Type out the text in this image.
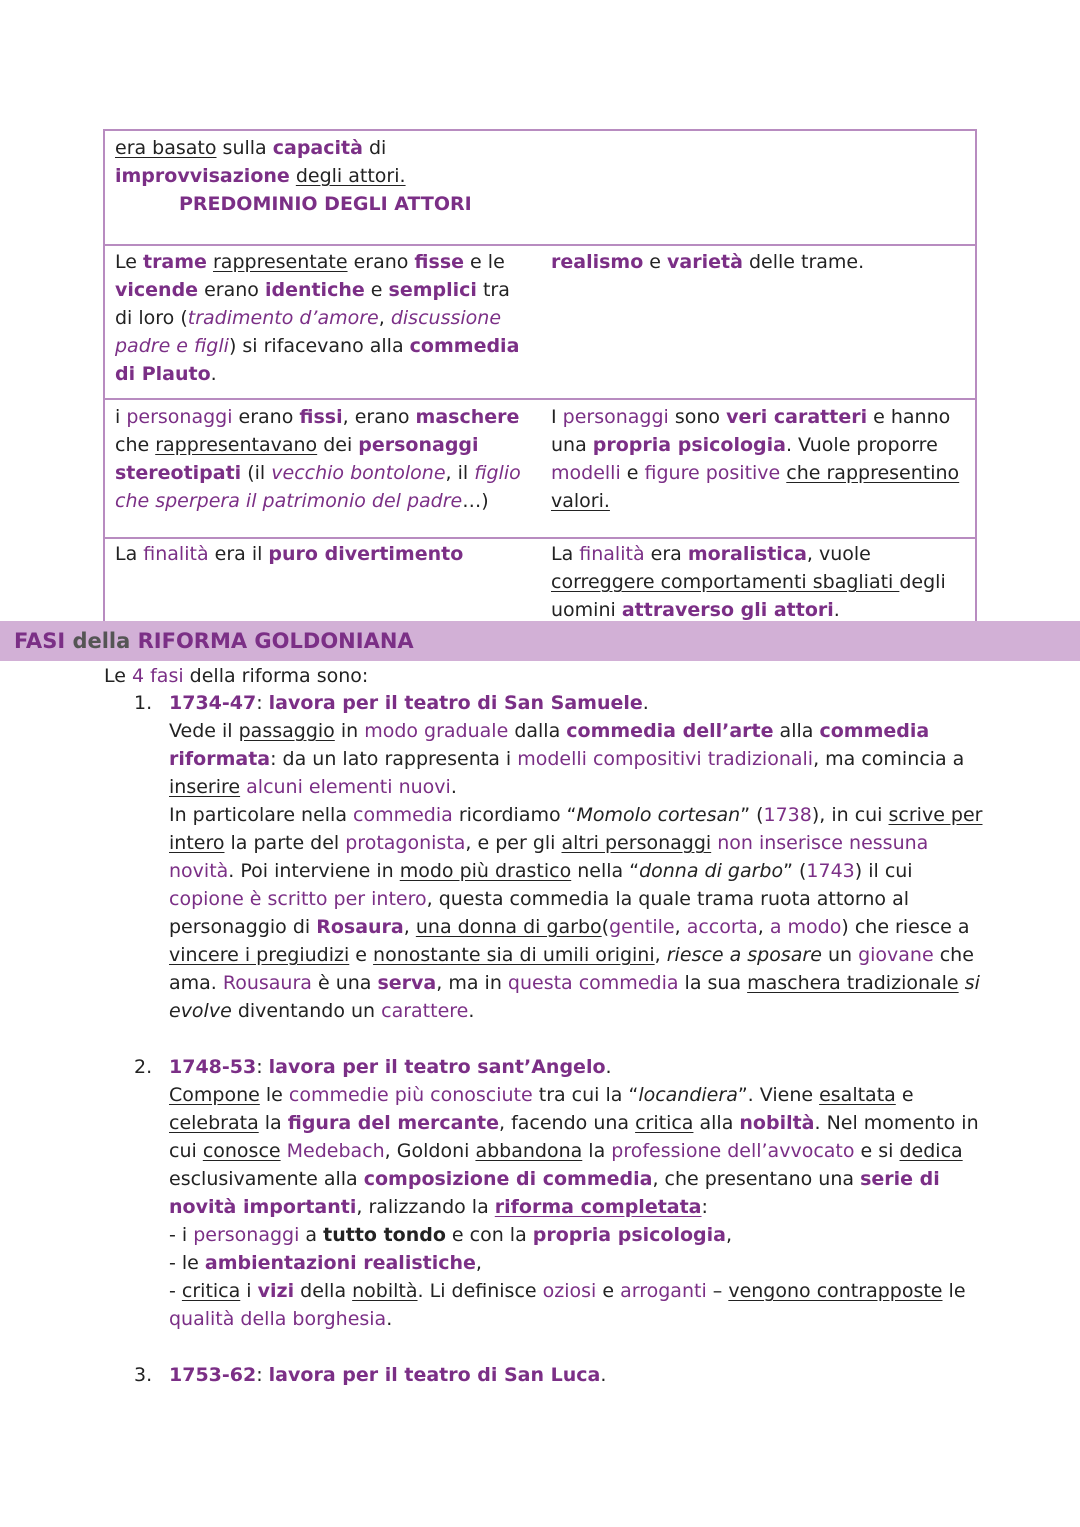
era basato sulla capacità di
improvvisazione degli attori.

PREDOMINIO DEGLI ATTORI	

Le trame rappresentate erano fisse e le vicende erano identiche e semplici tra di loro (tradimento d’amore, discussione padre e figli) si rifacevano alla commedia di Plauto.	realismo e varietà delle trame.
i personaggi erano fissi, erano maschere che rappresentavano dei personaggi stereotipati (il vecchio bontolone, il figlio che sperpera il patrimonio del padre…)	I personaggi sono veri caratteri e hanno una propria psicologia. Vuole proporre modelli e figure positive che rappresentino valori.
La finalità era il puro divertimento	La finalità era moralistica, vuole correggere comportamenti sbagliati degli uomini attraverso gli attori.
FASI della RIFORMA GOLDONIANA
Le 4 fasi della riforma sono:
1. 1734-47: lavora per il teatro di San Samuele.

Vede il passaggio in modo graduale dalla commedia dell’arte alla commedia riformata: da un lato rappresenta i modelli compositivi tradizionali, ma comincia a inserire alcuni elementi nuovi.

In particolare nella commedia ricordiamo “Momolo cortesan” (1738), in cui scrive per intero la parte del protagonista, e per gli altri personaggi non inserisce nessuna novità. Poi interviene in modo più drastico nella “donna di garbo” (1743) il cui copione è scritto per intero, questa commedia la quale trama ruota attorno al personaggio di Rosaura, una donna di garbo(gentile, accorta, a modo) che riesce a vincere i pregiudizi e nonostante sia di umili origini, riesce a sposare un giovane che ama. Rousaura è una serva, ma in questa commedia la sua maschera tradizionale si evolve diventando un carattere.

2. 1748-53: lavora per il teatro sant’Angelo.

Compone le commedie più conosciute tra cui la “locandiera”. Viene esaltata e celebrata la figura del mercante, facendo una critica alla nobiltà. Nel momento in cui conosce Medebach, Goldoni abbandona la professione dell’avvocato e si dedica esclusivamente alla composizione di commedia, che presentano una serie di novità importanti, ralizzando la riforma completata:

- i personaggi a tutto tondo e con la propria psicologia,

- le ambientazioni realistiche,

- critica i vizi della nobiltà. Li definisce oziosi e arroganti – vengono contrapposte le qualità della borghesia.

3. 1753-62: lavora per il teatro di San Luca.
